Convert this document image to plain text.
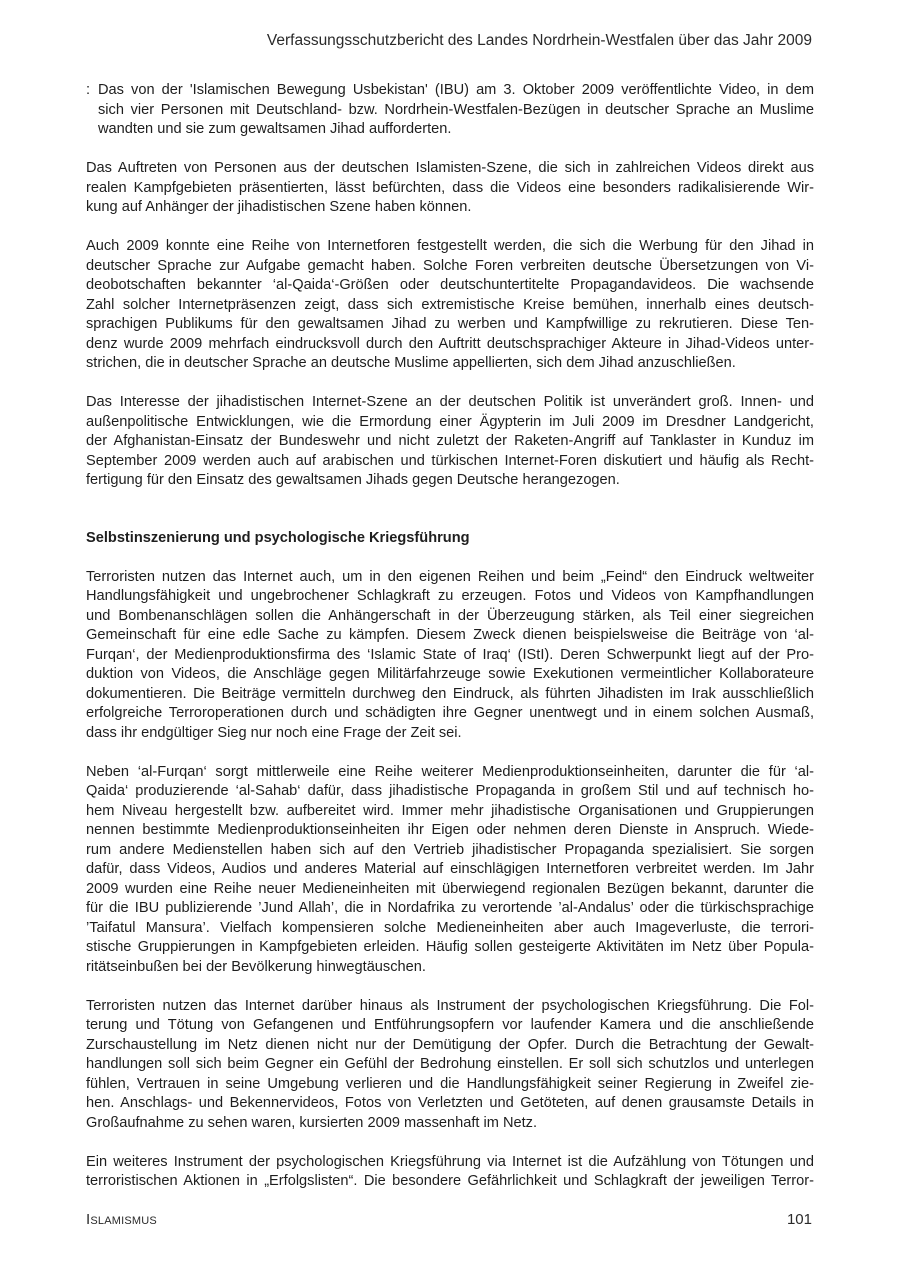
Verfassungsschutzbericht des Landes Nordrhein-Westfalen über das Jahr 2009
: Das von der 'Islamischen Bewegung Usbekistan' (IBU) am 3. Oktober 2009 veröffentlichte Video, in dem
sich vier Personen mit Deutschland- bzw. Nordrhein-Westfalen-Bezügen in deutscher Sprache an Muslime
wandten und sie zum gewaltsamen Jihad aufforderten.
Das Auftreten von Personen aus der deutschen Islamisten-Szene, die sich in zahlreichen Videos direkt aus
realen Kampfgebieten präsentierten, lässt befürchten, dass die Videos eine besonders radikalisierende Wir-
kung auf Anhänger der jihadistischen Szene haben können.
Auch 2009 konnte eine Reihe von Internetforen festgestellt werden, die sich die Werbung für den Jihad in
deutscher Sprache zur Aufgabe gemacht haben. Solche Foren verbreiten deutsche Übersetzungen von Vi-
deobotschaften bekannter ‘al-Qaida‘-Größen oder deutschuntertitelte Propagandavideos. Die wachsende
Zahl solcher Internetpräsenzen zeigt, dass sich extremistische Kreise bemühen, innerhalb eines deutsch-
sprachigen Publikums für den gewaltsamen Jihad zu werben und Kampfwillige zu rekrutieren. Diese Ten-
denz wurde 2009 mehrfach eindrucksvoll durch den Auftritt deutschsprachiger Akteure in Jihad-Videos unter-
strichen, die in deutscher Sprache an deutsche Muslime appellierten, sich dem Jihad anzuschließen.
Das Interesse der jihadistischen Internet-Szene an der deutschen Politik ist unverändert groß. Innen- und
außenpolitische Entwicklungen, wie die Ermordung einer Ägypterin im Juli 2009 im Dresdner Landgericht,
der Afghanistan-Einsatz der Bundeswehr und nicht zuletzt der Raketen-Angriff auf Tanklaster in Kunduz im
September 2009 werden auch auf arabischen und türkischen Internet-Foren diskutiert und häufig als Recht-
fertigung für den Einsatz des gewaltsamen Jihads gegen Deutsche herangezogen.
Selbstinszenierung und psychologische Kriegsführung
Terroristen nutzen das Internet auch, um in den eigenen Reihen und beim „Feind“ den Eindruck weltweiter
Handlungsfähigkeit und ungebrochener Schlagkraft zu erzeugen. Fotos und Videos von Kampfhandlungen
und Bombenanschlägen sollen die Anhängerschaft in der Überzeugung stärken, als Teil einer siegreichen
Gemeinschaft für eine edle Sache zu kämpfen. Diesem Zweck dienen beispielsweise die Beiträge von ‘al-
Furqan‘, der Medienproduktionsfirma des ‘Islamic State of Iraq‘ (IStI). Deren Schwerpunkt liegt auf der Pro-
duktion von Videos, die Anschläge gegen Militärfahrzeuge sowie Exekutionen vermeintlicher Kollaborateure
dokumentieren. Die Beiträge vermitteln durchweg den Eindruck, als führten Jihadisten im Irak ausschließlich
erfolgreiche Terroroperationen durch und schädigten ihre Gegner unentwegt und in einem solchen Ausmaß,
dass ihr endgültiger Sieg nur noch eine Frage der Zeit sei.
Neben ‘al-Furqan‘ sorgt mittlerweile eine Reihe weiterer Medienproduktionseinheiten, darunter die für ‘al-
Qaida‘ produzierende ‘al-Sahab‘ dafür, dass jihadistische Propaganda in großem Stil und auf technisch ho-
hem Niveau hergestellt bzw. aufbereitet wird. Immer mehr jihadistische Organisationen und Gruppierungen
nennen bestimmte Medienproduktionseinheiten ihr Eigen oder nehmen deren Dienste in Anspruch. Wiede-
rum andere Medienstellen haben sich auf den Vertrieb jihadistischer Propaganda spezialisiert. Sie sorgen
dafür, dass Videos, Audios und anderes Material auf einschlägigen Internetforen verbreitet werden. Im Jahr
2009 wurden eine Reihe neuer Medieneinheiten mit überwiegend regionalen Bezügen bekannt, darunter die
für die IBU publizierende ’Jund Allah’, die in Nordafrika zu verortende ’al-Andalus’ oder die türkischsprachige
’Taifatul Mansura’. Vielfach kompensieren solche Medieneinheiten aber auch Imageverluste, die terrori-
stische Gruppierungen in Kampfgebieten erleiden. Häufig sollen gesteigerte Aktivitäten im Netz über Popula-
ritätseinbußen bei der Bevölkerung hinwegtäuschen.
Terroristen nutzen das Internet darüber hinaus als Instrument der psychologischen Kriegsführung. Die Fol-
terung und Tötung von Gefangenen und Entführungsopfern vor laufender Kamera und die anschließende
Zurschaustellung im Netz dienen nicht nur der Demütigung der Opfer. Durch die Betrachtung der Gewalt-
handlungen soll sich beim Gegner ein Gefühl der Bedrohung einstellen. Er soll sich schutzlos und unterlegen
fühlen, Vertrauen in seine Umgebung verlieren und die Handlungsfähigkeit seiner Regierung in Zweifel zie-
hen. Anschlags- und Bekennervideos, Fotos von Verletzten und Getöteten, auf denen grausamste Details in
Großaufnahme zu sehen waren, kursierten 2009 massenhaft im Netz.
Ein weiteres Instrument der psychologischen Kriegsführung via Internet ist die Aufzählung von Tötungen und
terroristischen Aktionen in „Erfolgslisten“. Die besondere Gefährlichkeit und Schlagkraft der jeweiligen Terror-
Islamismus	101
